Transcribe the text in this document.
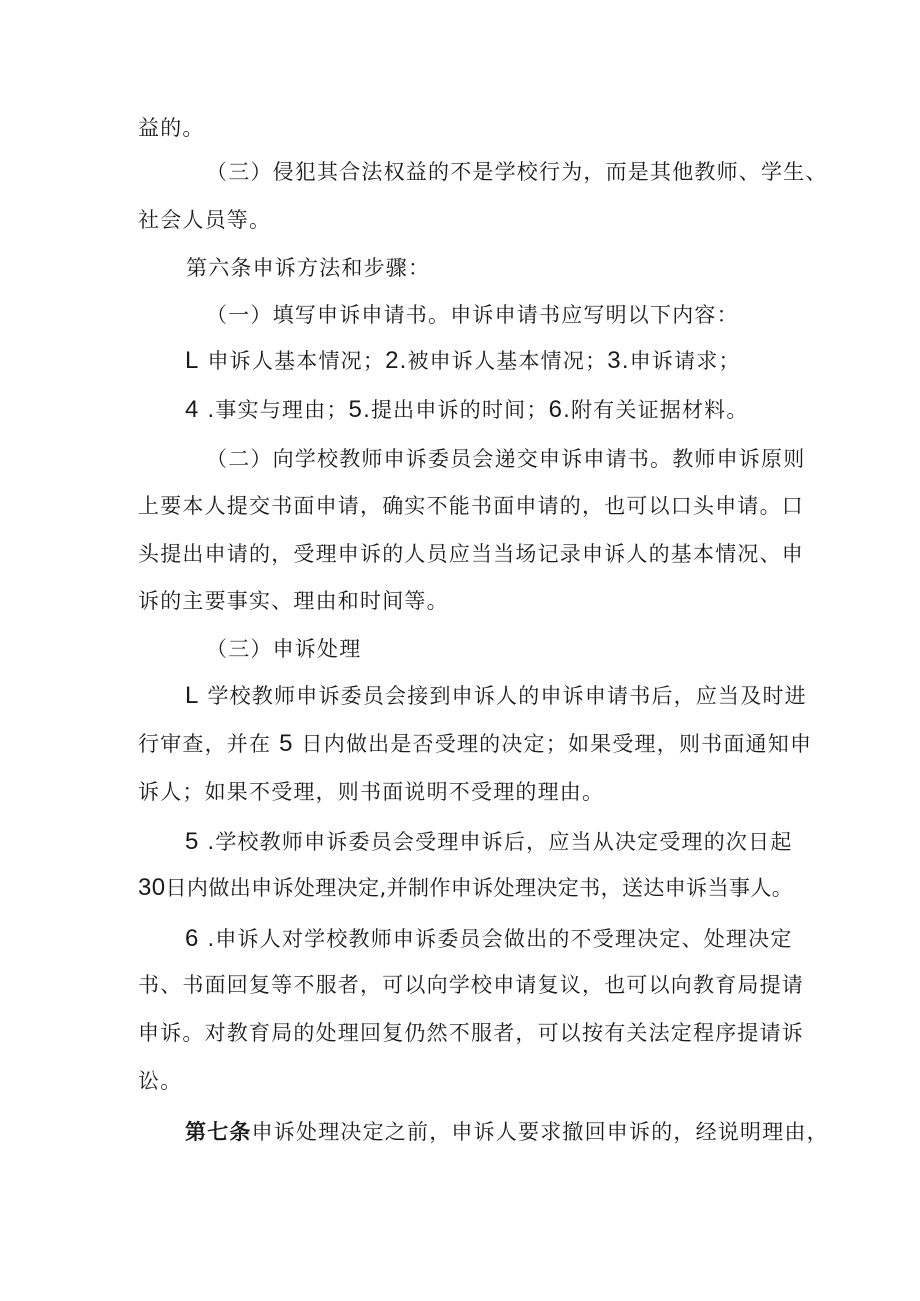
益的。
（三）侵犯其合法权益的不是学校行为，而是其他教师、学生、
社会人员等。
第六条申诉方法和步骤：
（一）填写申诉申请书。申诉申请书应写明以下内容：
L 申诉人基本情况；2.被申诉人基本情况；3.申诉请求；
4 .事实与理由；5.提出申诉的时间；6.附有关证据材料。
（二）向学校教师申诉委员会递交申诉申请书。教师申诉原则
上要本人提交书面申请，确实不能书面申请的，也可以口头申请。口
头提出申请的，受理申诉的人员应当当场记录申诉人的基本情况、申
诉的主要事实、理由和时间等。
（三）申诉处理
L 学校教师申诉委员会接到申诉人的申诉申请书后，应当及时进
行审查，并在 5 日内做出是否受理的决定；如果受理，则书面通知申
诉人；如果不受理，则书面说明不受理的理由。
5 .学校教师申诉委员会受理申诉后，应当从决定受理的次日起
30日内做出申诉处理决定,并制作申诉处理决定书，送达申诉当事人。
6 .申诉人对学校教师申诉委员会做出的不受理决定、处理决定
书、书面回复等不服者，可以向学校申请复议，也可以向教育局提请
申诉。对教育局的处理回复仍然不服者，可以按有关法定程序提请诉
讼。
第七条申诉处理决定之前，申诉人要求撤回申诉的，经说明理由，
